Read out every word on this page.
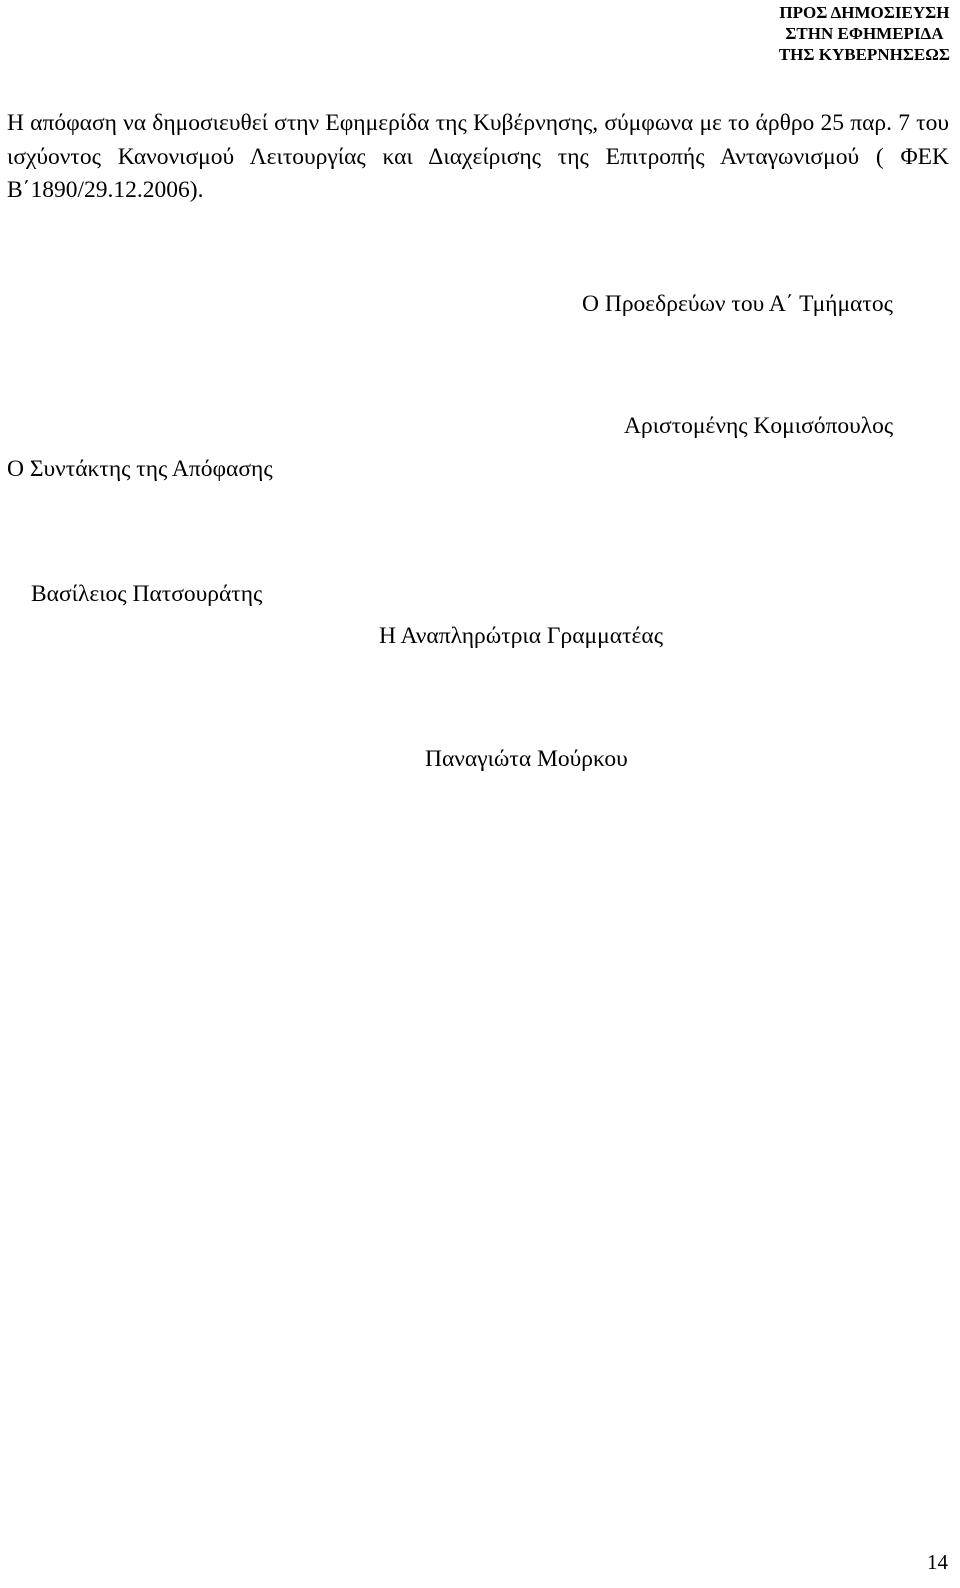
ΠΡΟΣ ΔΗΜΟΣΙΕΥΣΗ
ΣΤΗΝ ΕΦΗΜΕΡΙΔΑ
ΤΗΣ ΚΥΒΕΡΝΗΣΕΩΣ

Η απόφαση να δημοσιευθεί στην Εφημερίδα της Κυβέρνησης, σύμφωνα με το άρθρο 25 παρ. 7 του ισχύοντος Κανονισμού Λειτουργίας και Διαχείρισης της Επιτροπής Ανταγωνισμού ( ΦΕΚ Β΄1890/29.12.2006).

Ο Προεδρεύων του Α΄ Τμήματος
Αριστομένης Κομισόπουλος
Ο Συντάκτης της Απόφασης
Βασίλειος Πατσουράτης
Η Αναπληρώτρια Γραμματέας
Παναγιώτα Μούρκου
14
